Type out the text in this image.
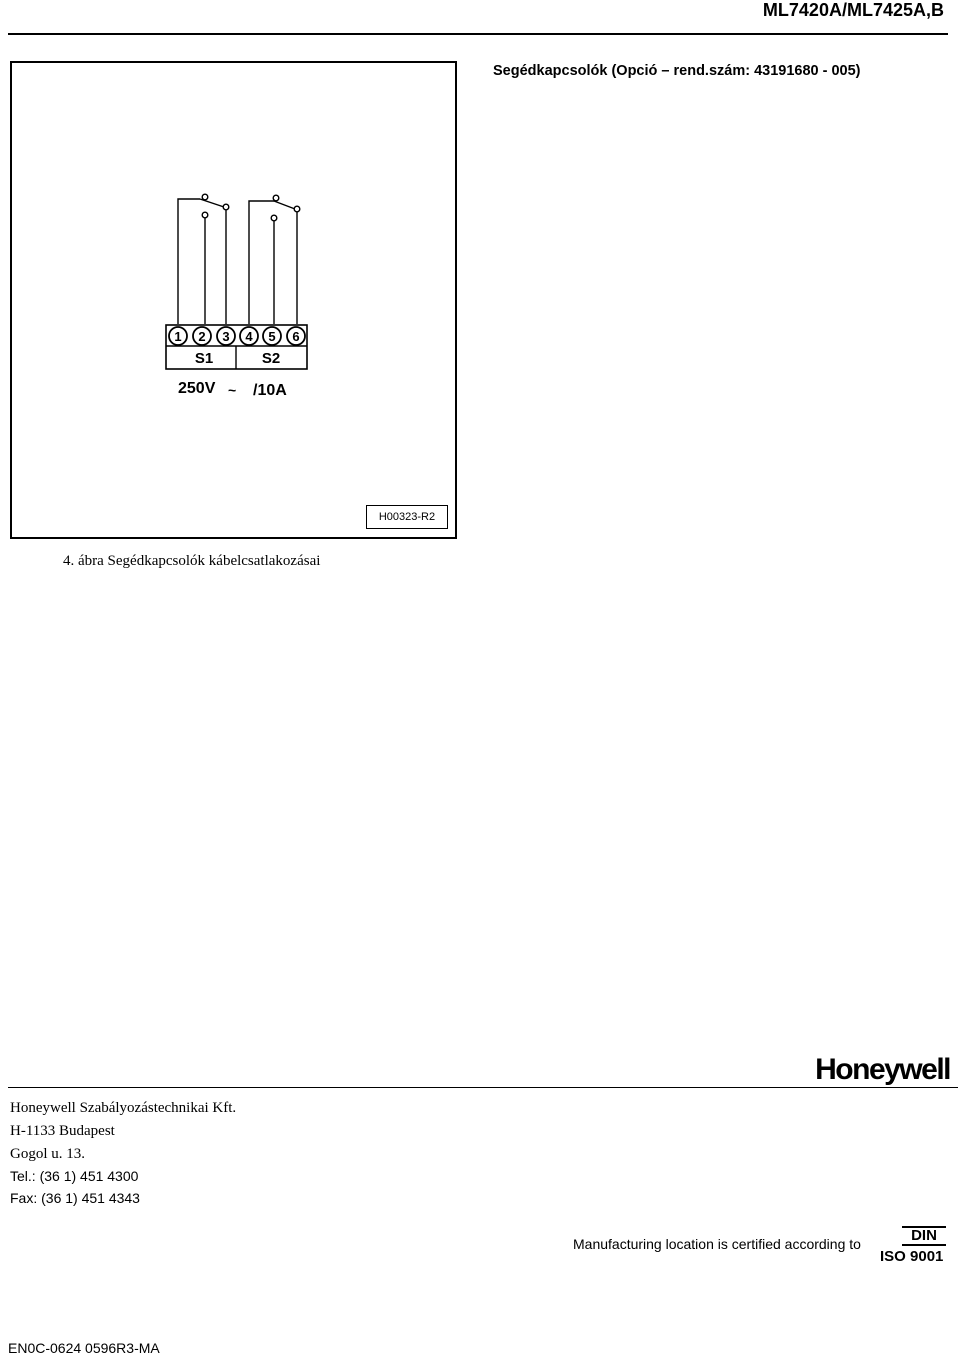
ML7420A/ML7425A,B
Segédkapcsolók (Opció – rend.szám: 43191680 - 005)
1 2 3 4 5 6
S1	S2
250V ~ /10A
H00323-R2
4. ábra Segédkapcsolók kábelcsatlakozásai
Honeywell
Honeywell Szabályozástechnikai Kft.
H-1133 Budapest
Gogol u. 13.
Tel.: (36 1) 451 4300
Fax: (36 1) 451 4343
Manufacturing location is certified according to	DIN
ISO 9001
EN0C-0624 0596R3-MA
